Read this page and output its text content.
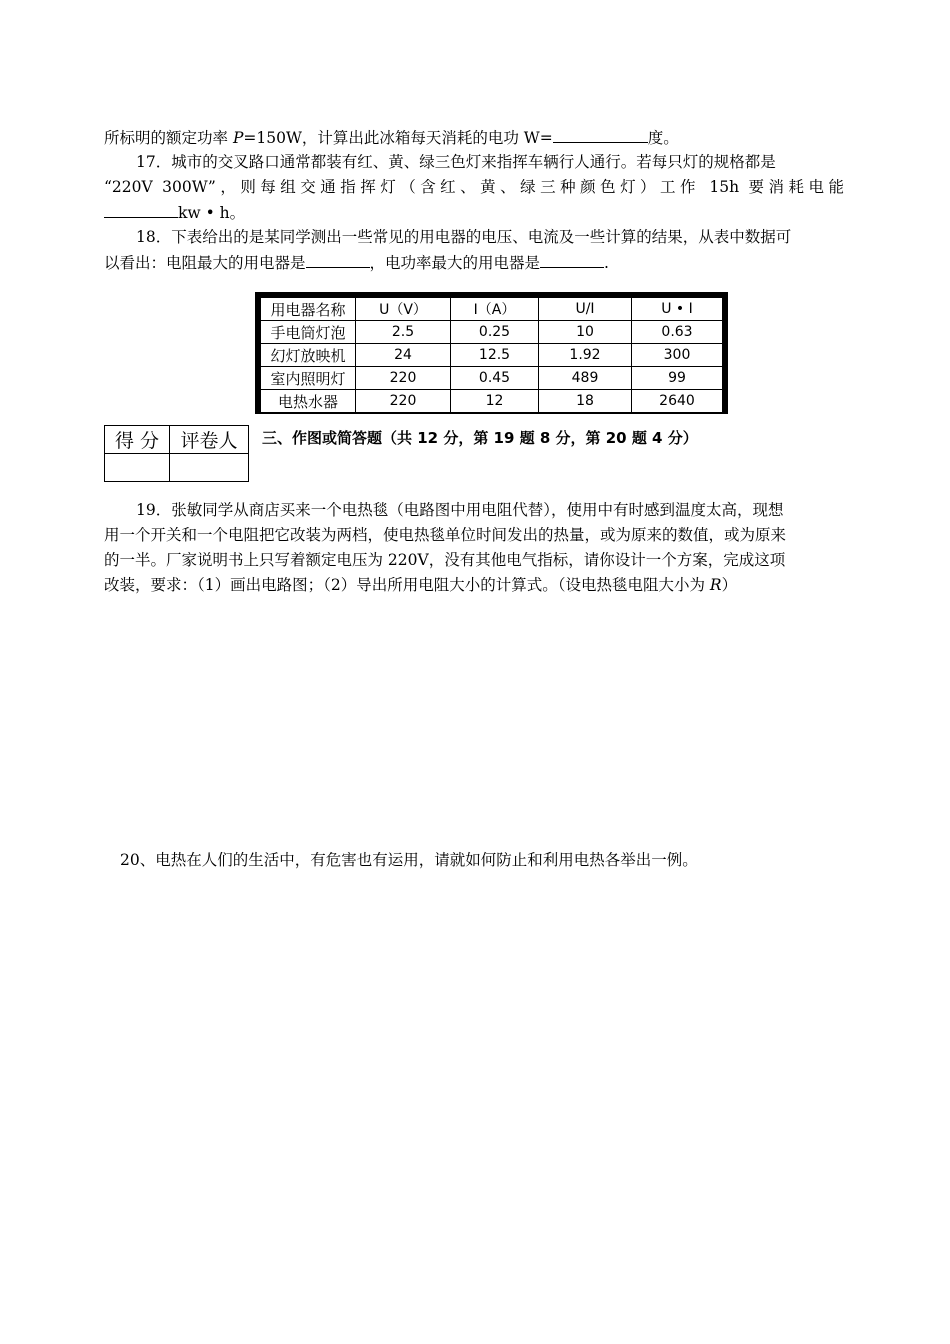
所标明的额定功率 P=150W，计算出此冰箱每天消耗的电功 W=	度。
17．城市的交叉路口通常都装有红、黄、绿三色灯来指挥车辆行人通行。若每只灯的规格都是
“220V 300W”，则每组交通指挥灯（含红、黄、绿三种颜色灯）工作 15h 要消耗电能
kw • h。
18．下表给出的是某同学测出一些常见的用电器的电压、电流及一些计算的结果，从表中数据可
以看出：电阻最大的用电器是	，电功率最大的用电器是	.
用电器名称	U（V）	I（A）	U/I	U • I
手电筒灯泡	2.5	0.25	10	0.63
幻灯放映机	24	12.5	1.92	300
室内照明灯	220	0.45	489	99
电热水器	220	12	18	2640
得 分	评卷人
	三、作图或简答题（共 12 分，第 19 题 8 分，第 20 题 4 分）
19．张敏同学从商店买来一个电热毯（电路图中用电阻代替），使用中有时感到温度太高，现想
用一个开关和一个电阻把它改装为两档，使电热毯单位时间发出的热量，或为原来的数值，或为原来
的一半。厂家说明书上只写着额定电压为 220V，没有其他电气指标，请你设计一个方案，完成这项
改装，要求：（1）画出电路图；（2）导出所用电阻大小的计算式。（设电热毯电阻大小为 R）
20、电热在人们的生活中，有危害也有运用，请就如何防止和利用电热各举出一例。
